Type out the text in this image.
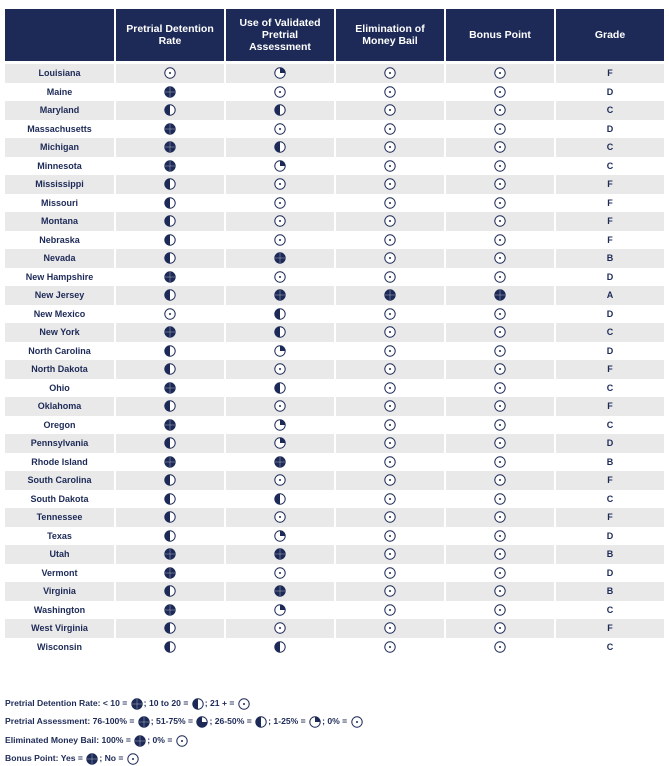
	Pretrial Detention Rate	Use of Validated Pretrial Assessment	Elimination of Money Bail	Bonus Point	Grade

Louisiana					F
Maine					D
Maryland					C
Massachusetts					D
Michigan					C
Minnesota					C
Mississippi					F
Missouri					F
Montana					F
Nebraska					F
Nevada					B
New Hampshire					D
New Jersey					A
New Mexico					D
New York					C
North Carolina					D
North Dakota					F
Ohio					C
Oklahoma					F
Oregon					C
Pennsylvania					D
Rhode Island					B
South Carolina					F
South Dakota					C
Tennessee					F
Texas					D
Utah					B
Vermont					D
Virginia					B
Washington					C
West Virginia					F
Wisconsin					C
Pretrial Detention Rate: < 10 = ; 10 to 20 = ; 21 + =
Pretrial Assessment: 76-100% = ; 51-75% = ; 26-50% = ; 1-25% = ; 0% =
Eliminated Money Bail: 100% = ; 0% =
Bonus Point: Yes = ; No =
